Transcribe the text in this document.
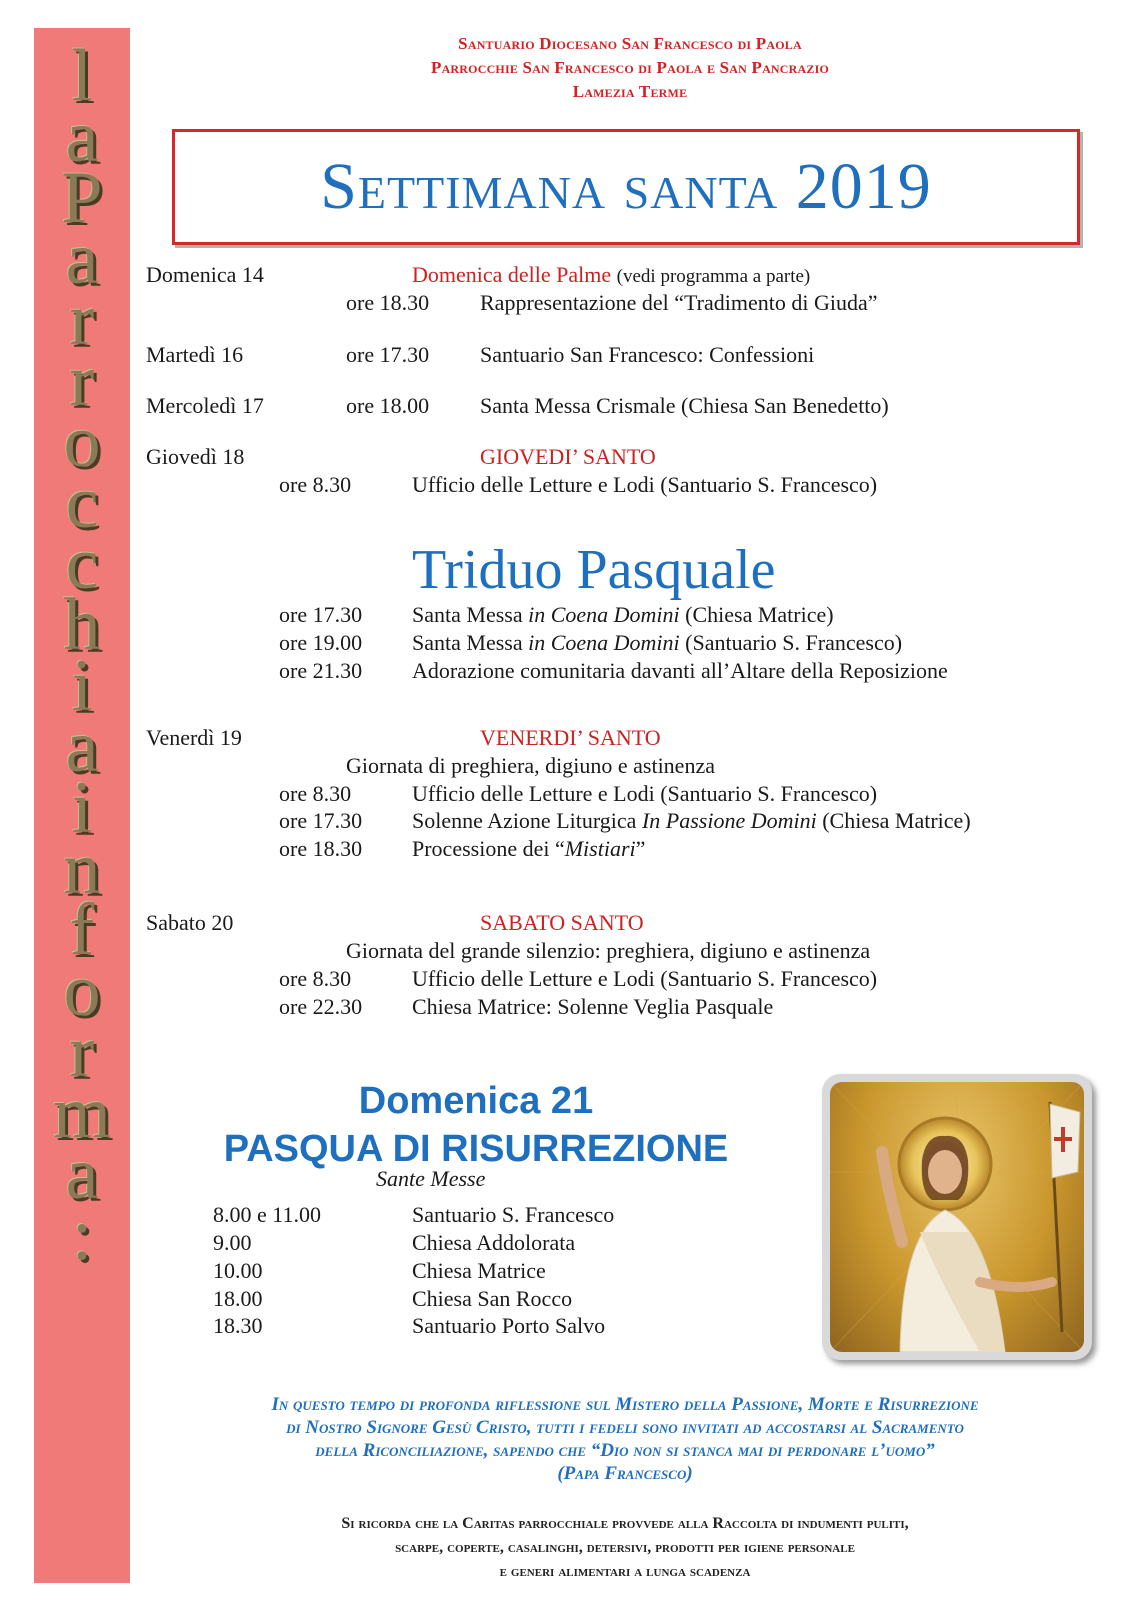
l
a
P
a
r
r
o
c
c
h
i
a
i
n
f
o
r
m
a
:
Santuario Diocesano San Francesco di Paola
Parrocchie San Francesco di Paola e San Pancrazio
Lamezia Terme
Settimana santa 2019
Domenica 14	Domenica delle Palme (vedi programma a parte)
ore 18.30 Rappresentazione del “Tradimento di Giuda”
Martedì 16	ore 17.30 Santuario San Francesco: Confessioni
Mercoledì 17	ore 18.00 Santa Messa Crismale (Chiesa San Benedetto)
Giovedì 18	GIOVEDI’ SANTO
ore 8.30	Ufficio delle Letture e Lodi (Santuario S. Francesco)
Triduo Pasquale
ore 17.30 Santa Messa in Coena Domini (Chiesa Matrice)
ore 19.00 Santa Messa in Coena Domini (Santuario S. Francesco)
ore 21.30 Adorazione comunitaria davanti all’Altare della Reposizione
Venerdì 19	VENERDI’ SANTO
Giornata di preghiera, digiuno e astinenza
ore 8.30	Ufficio delle Letture e Lodi (Santuario S. Francesco)
ore 17.30 Solenne Azione Liturgica In Passione Domini (Chiesa Matrice)
ore 18.30 Processione dei “Mistiari”
Sabato 20	SABATO SANTO
Giornata del grande silenzio: preghiera, digiuno e astinenza
ore 8.30	Ufficio delle Letture e Lodi (Santuario S. Francesco)
ore 22.30 Chiesa Matrice: Solenne Veglia Pasquale
Domenica 21
PASQUA DI RISURREZIONE
Sante Messe
8.00 e 11.00	Santuario S. Francesco
9.00	Chiesa Addolorata
10.00	Chiesa Matrice
18.00	Chiesa San Rocco
18.30	Santuario Porto Salvo
In questo tempo di profonda riflessione sul Mistero della Passione, Morte e Risurrezione
di Nostro Signore Gesù Cristo, tutti i fedeli sono invitati ad accostarsi al Sacramento
della Riconciliazione, sapendo che “Dio non si stanca mai di perdonare l’uomo”
(Papa Francesco)
Si ricorda che la Caritas parrocchiale provvede alla Raccolta di indumenti puliti,
scarpe, coperte, casalinghi, detersivi, prodotti per igiene personale
e generi alimentari a lunga scadenza
